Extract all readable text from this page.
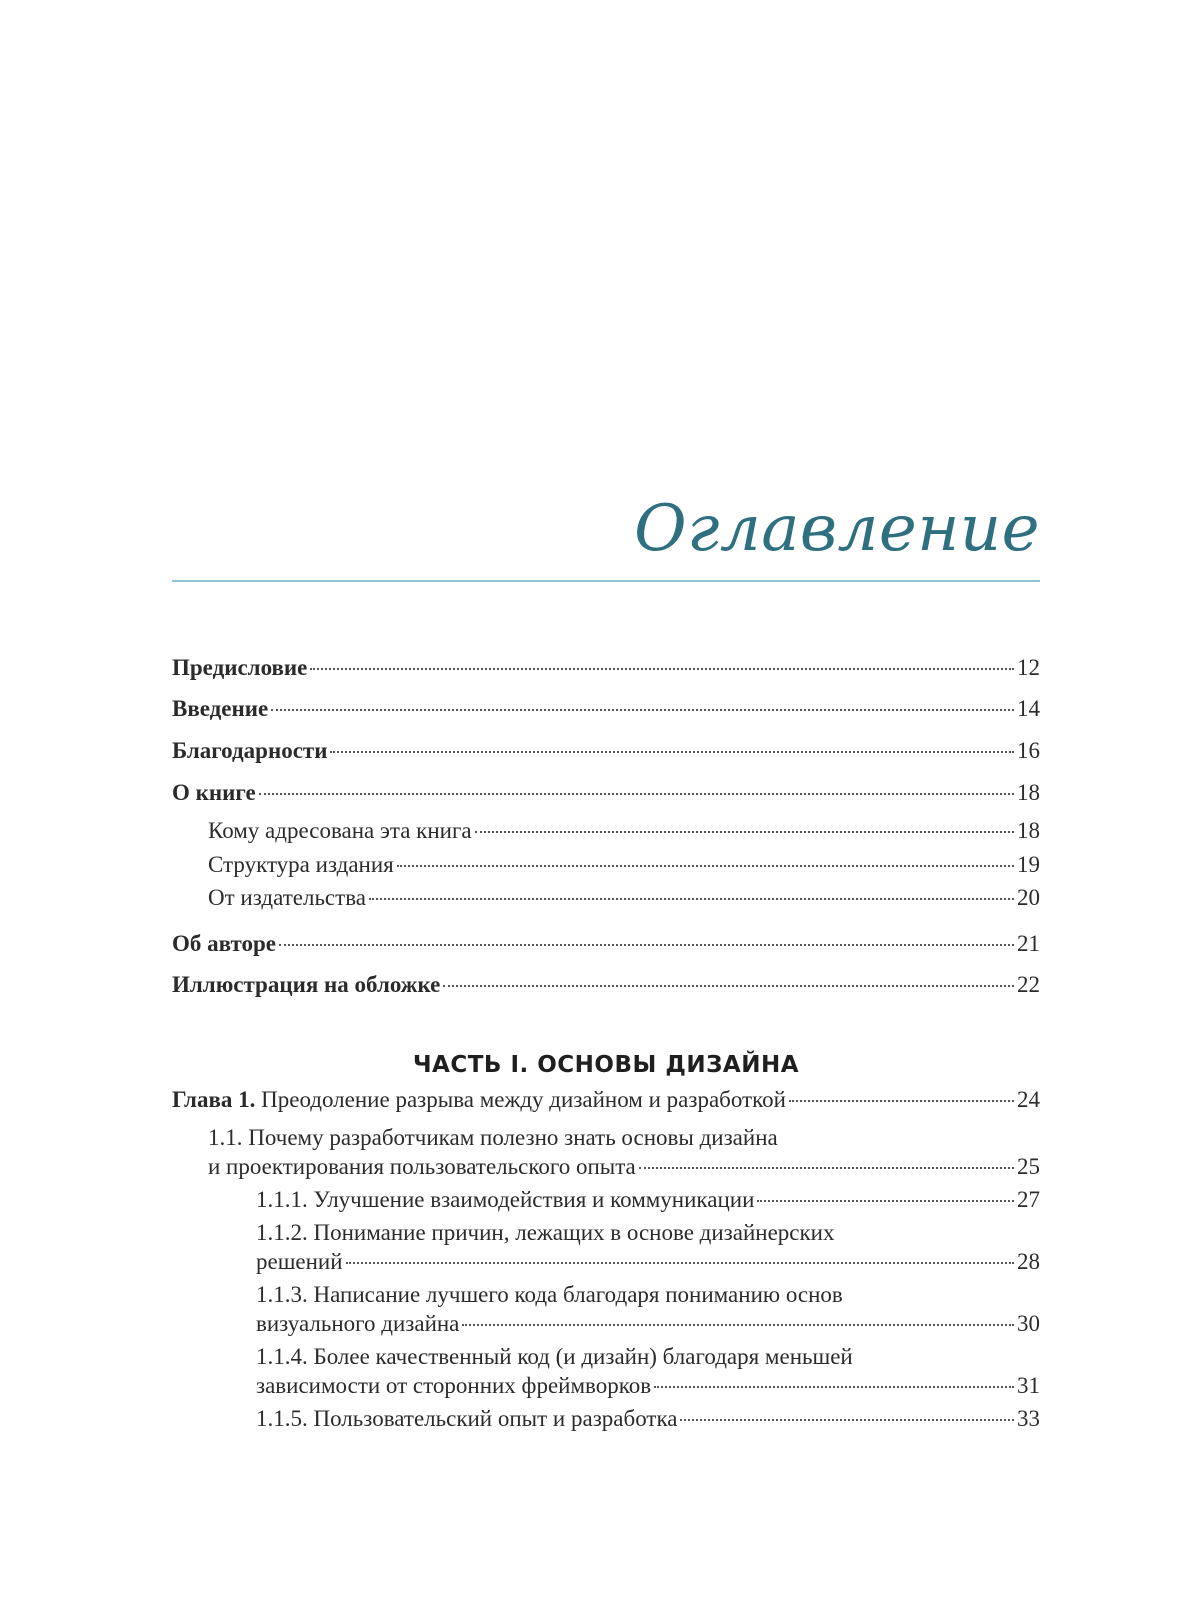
Оглавление
Предисловие	12
Введение	14
Благодарности	16
О книге	18
Кому адресована эта книга	18
Структура издания	19
От издательства	20
Об авторе	21
Иллюстрация на обложке	22
Глава 1. Преодоление разрыва между дизайном и разработкой	24
1.1. Почему разработчикам полезно знать основы дизайна
и проектирования пользовательского опыта	25
1.1.1. Улучшение взаимодействия и коммуникации	27
1.1.2. Понимание причин, лежащих в основе дизайнерских
решений	28
1.1.3. Написание лучшего кода благодаря пониманию основ
визуального дизайна	30
1.1.4. Более качественный код (и дизайн) благодаря меньшей
зависимости от сторонних фреймворков	31
1.1.5. Пользовательский опыт и разработка	33
ЧАСТЬ I. ОСНОВЫ ДИЗАЙНА
